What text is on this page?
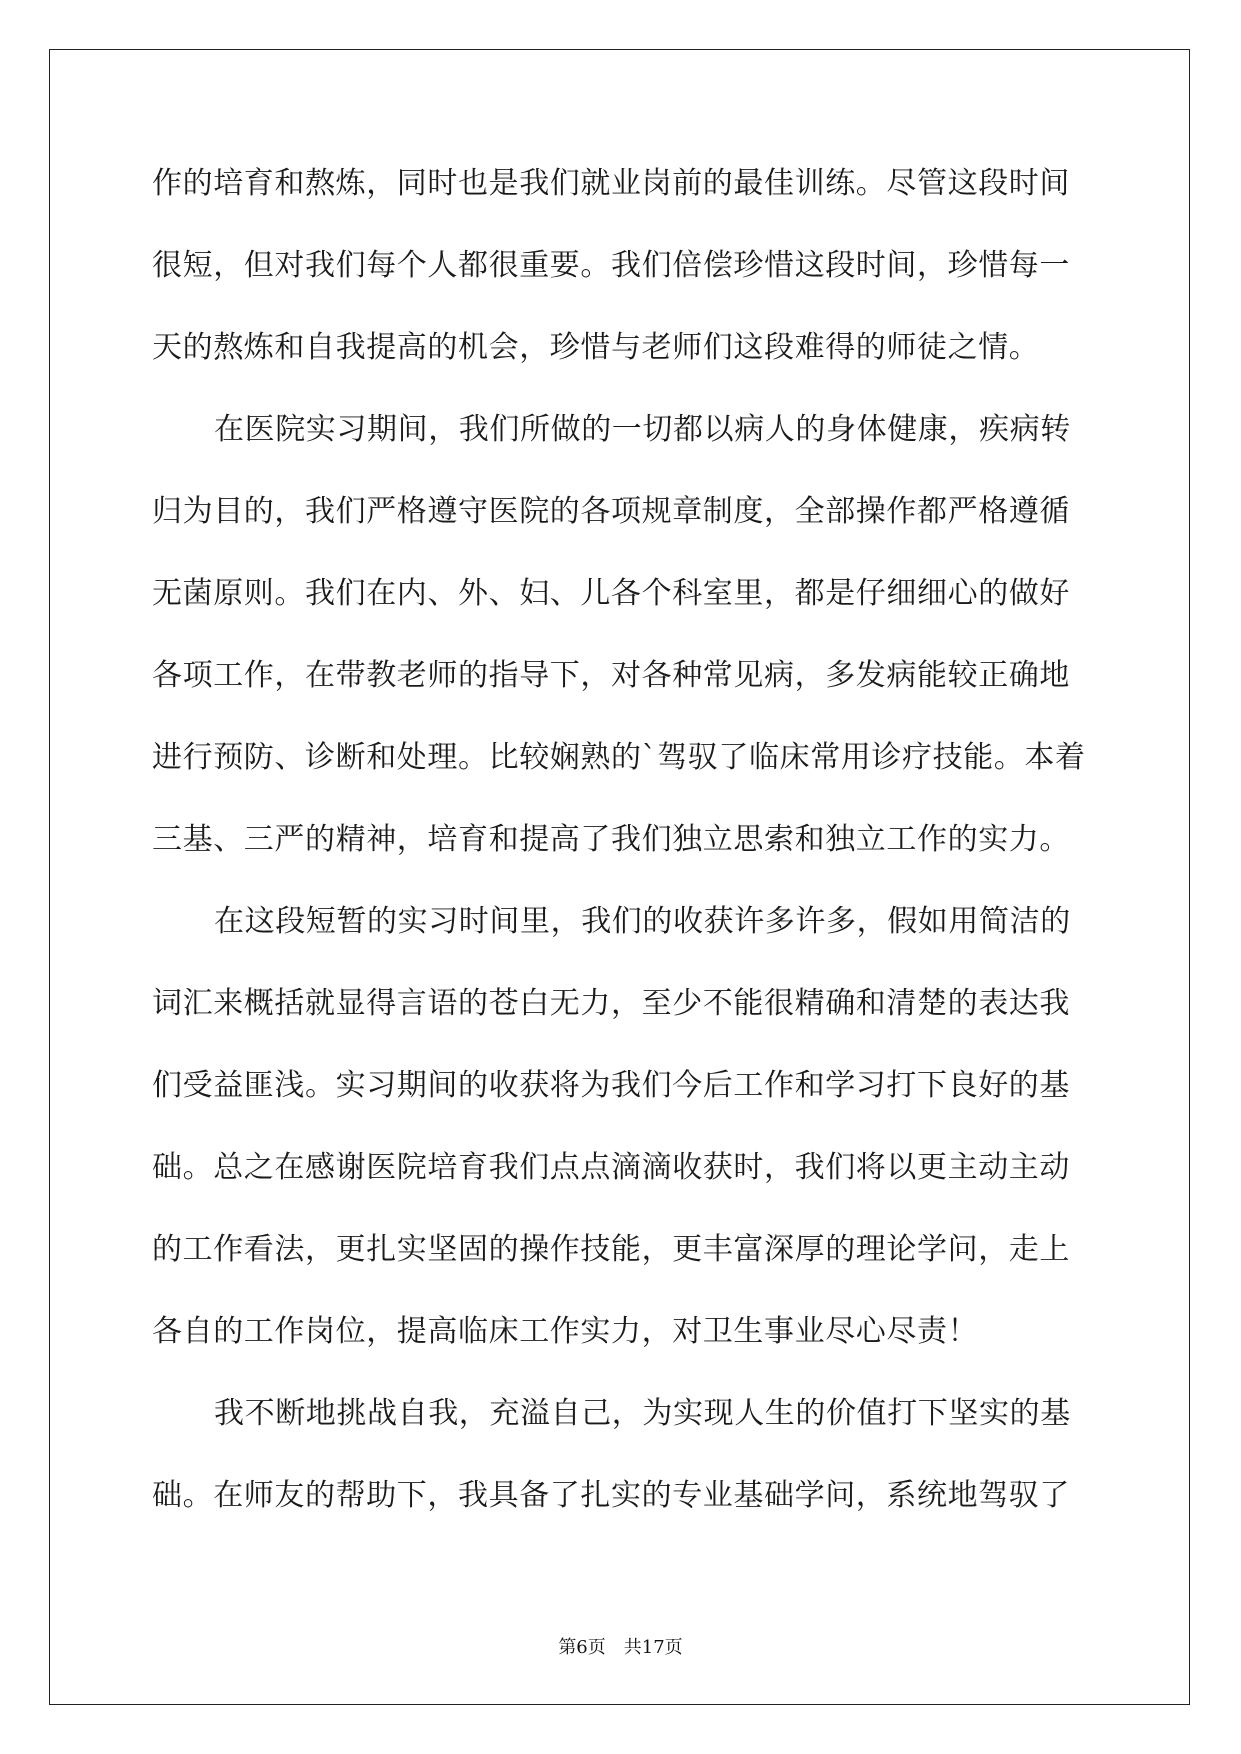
作的培育和熬炼，同时也是我们就业岗前的最佳训练。尽管这段时间
很短，但对我们每个人都很重要。我们倍偿珍惜这段时间，珍惜每一
天的熬炼和自我提高的机会，珍惜与老师们这段难得的师徒之情。
在医院实习期间，我们所做的一切都以病人的身体健康，疾病转
归为目的，我们严格遵守医院的各项规章制度，全部操作都严格遵循
无菌原则。我们在内、外、妇、儿各个科室里，都是仔细细心的做好
各项工作，在带教老师的指导下，对各种常见病，多发病能较正确地
进行预防、诊断和处理。比较娴熟的`驾驭了临床常用诊疗技能。本着
三基、三严的精神，培育和提高了我们独立思索和独立工作的实力。
在这段短暂的实习时间里，我们的收获许多许多，假如用简洁的
词汇来概括就显得言语的苍白无力，至少不能很精确和清楚的表达我
们受益匪浅。实习期间的收获将为我们今后工作和学习打下良好的基
础。总之在感谢医院培育我们点点滴滴收获时，我们将以更主动主动
的工作看法，更扎实坚固的操作技能，更丰富深厚的理论学问，走上
各自的工作岗位，提高临床工作实力，对卫生事业尽心尽责！
我不断地挑战自我，充溢自己，为实现人生的价值打下坚实的基
础。在师友的帮助下，我具备了扎实的专业基础学问，系统地驾驭了
第6页 共17页
